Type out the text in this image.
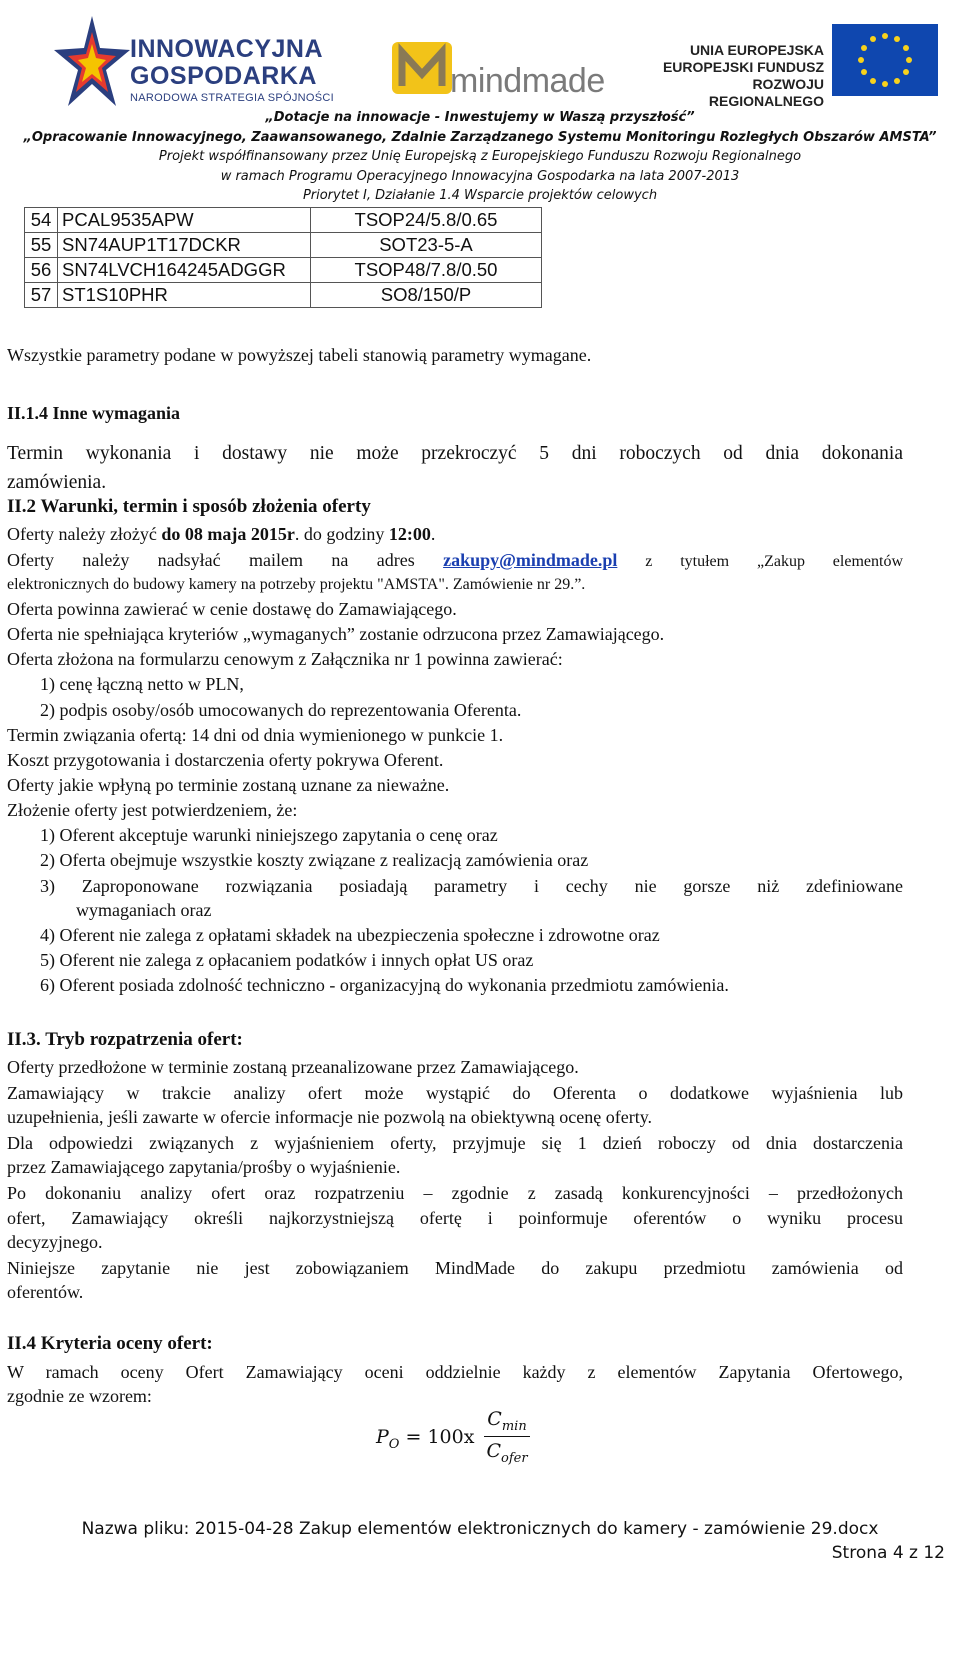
INNOWACYJNA
GOSPODARKA
NARODOWA STRATEGIA SPÓJNOŚCI	mindmade
UNIA EUROPEJSKA
EUROPEJSKI FUNDUSZ
ROZWOJU REGIONALNEGO
„Dotacje na innowacje - Inwestujemy w Waszą przyszłość”
„Opracowanie Innowacyjnego, Zaawansowanego, Zdalnie Zarządzanego Systemu Monitoringu Rozległych Obszarów AMSTA”
Projekt współfinansowany przez Unię Europejską z Europejskiego Funduszu Rozwoju Regionalnego
w ramach Programu Operacyjnego Innowacyjna Gospodarka na lata 2007-2013
Priorytet I, Działanie 1.4 Wsparcie projektów celowych
54	PCAL9535APW	TSOP24/5.8/0.65
55	SN74AUP1T17DCKR	SOT23-5-A
56	SN74LVCH164245ADGGR	TSOP48/7.8/0.50
57	ST1S10PHR	SO8/150/P
Wszystkie parametry podane w powyższej tabeli stanowią parametry wymagane.
II.1.4 Inne wymagania
Termin wykonania i dostawy nie może przekroczyć 5 dni roboczych od dnia dokonania
zamówienia.
II.2 Warunki, termin i sposób złożenia oferty
Oferty należy złożyć do 08 maja 2015r. do godziny 12:00.
Oferty należy nadsyłać mailem na adres zakupy@mindmade.pl z tytułem „Zakup elementów
elektronicznych do budowy kamery na potrzeby projektu "AMSTA". Zamówienie nr 29.”.
Oferta powinna zawierać w cenie dostawę do Zamawiającego.
Oferta nie spełniająca kryteriów „wymaganych” zostanie odrzucona przez Zamawiającego.
Oferta złożona na formularzu cenowym z Załącznika nr 1 powinna zawierać:
1) cenę łączną netto w PLN,
2) podpis osoby/osób umocowanych do reprezentowania Oferenta.
Termin związania ofertą: 14 dni od dnia wymienionego w punkcie 1.
Koszt przygotowania i dostarczenia oferty pokrywa Oferent.
Oferty jakie wpłyną po terminie zostaną uznane za nieważne.
Złożenie oferty jest potwierdzeniem, że:
1) Oferent akceptuje warunki niniejszego zapytania o cenę oraz
2) Oferta obejmuje wszystkie koszty związane z realizacją zamówienia oraz
3) Zaproponowane rozwiązania posiadają parametry i cechy nie gorsze niż zdefiniowane
wymaganiach oraz
4) Oferent nie zalega z opłatami składek na ubezpieczenia społeczne i zdrowotne oraz
5) Oferent nie zalega z opłacaniem podatków i innych opłat US oraz
6) Oferent posiada zdolność techniczno - organizacyjną do wykonania przedmiotu zamówienia.
II.3. Tryb rozpatrzenia ofert:
Oferty przedłożone w terminie zostaną przeanalizowane przez Zamawiającego.
Zamawiający w trakcie analizy ofert może wystąpić do Oferenta o dodatkowe wyjaśnienia lub
uzupełnienia, jeśli zawarte w ofercie informacje nie pozwolą na obiektywną ocenę oferty.
Dla odpowiedzi związanych z wyjaśnieniem oferty, przyjmuje się 1 dzień roboczy od dnia dostarczenia
przez Zamawiającego zapytania/prośby o wyjaśnienie.
Po dokonaniu analizy ofert oraz rozpatrzeniu – zgodnie z zasadą konkurencyjności – przedłożonych
ofert, Zamawiający określi najkorzystniejszą ofertę i poinformuje oferentów o wyniku procesu
decyzyjnego.
Niniejsze zapytanie nie jest zobowiązaniem MindMade do zakupu przedmiotu zamówienia od
oferentów.
II.4 Kryteria oceny ofert:
W ramach oceny Ofert Zamawiający oceni oddzielnie każdy z elementów Zapytania Ofertowego,
zgodnie ze wzorem:
$P_O = 100x$
$C_{min}$
$C_{ofer}$
Nazwa pliku: 2015-04-28 Zakup elementów elektronicznych do kamery - zamówienie 29.docx
Strona 4 z 12
